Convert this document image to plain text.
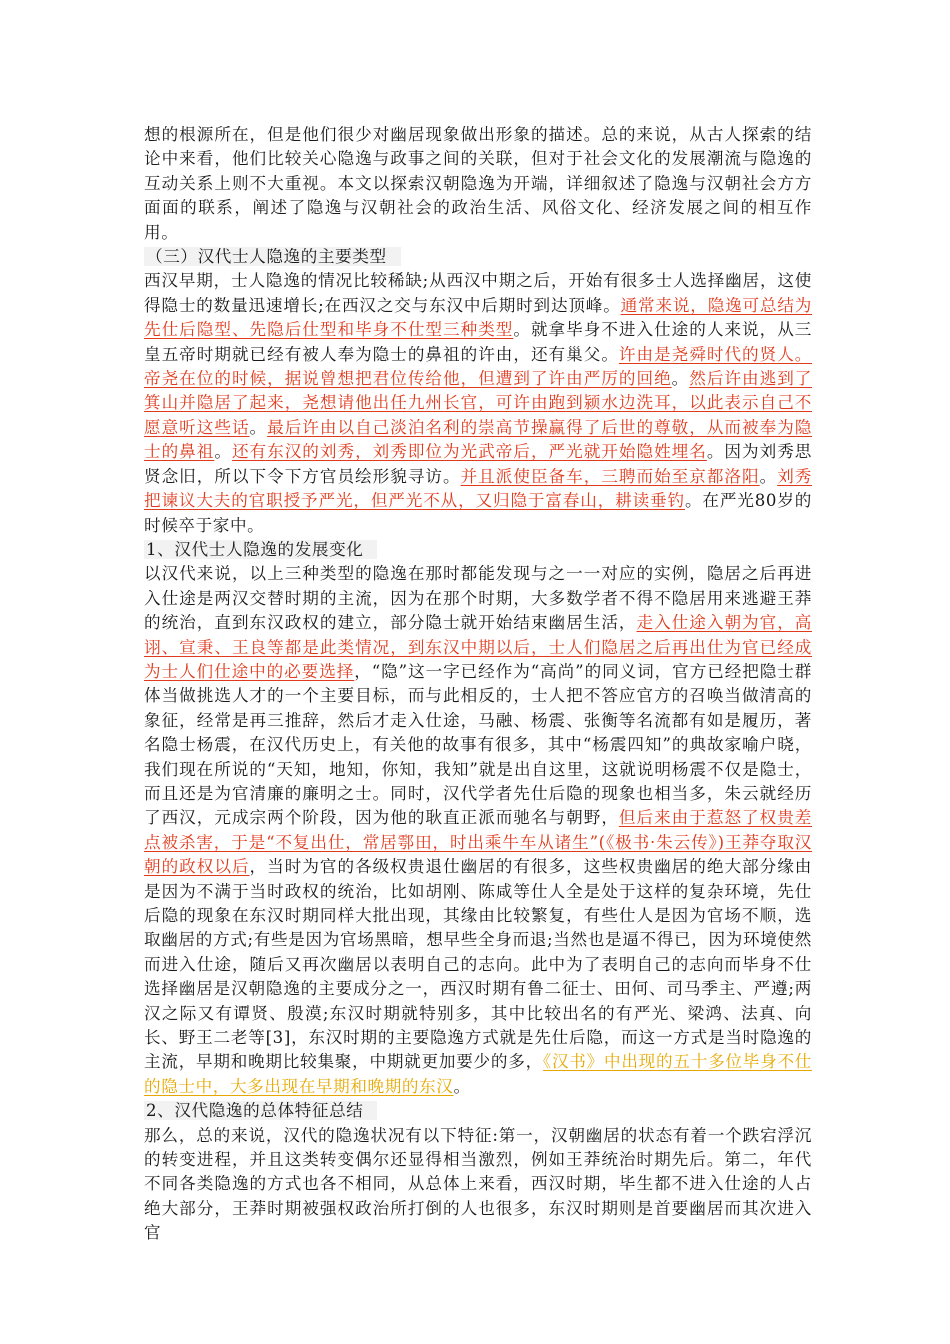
想的根源所在，但是他们很少对幽居现象做出形象的描述。总的来说，从古人探索的结论中来看，他们比较关心隐逸与政事之间的关联，但对于社会文化的发展潮流与隐逸的互动关系上则不大重视。本文以探索汉朝隐逸为开端，详细叙述了隐逸与汉朝社会方方面面的联系，阐述了隐逸与汉朝社会的政治生活、风俗文化、经济发展之间的相互作用。

（三）汉代士人隐逸的主要类型

西汉早期，士人隐逸的情况比较稀缺;从西汉中期之后，开始有很多士人选择幽居，这使得隐士的数量迅速增长;在西汉之交与东汉中后期时到达顶峰。通常来说，隐逸可总结为先仕后隐型、先隐后仕型和毕身不仕型三种类型。就拿毕身不进入仕途的人来说，从三皇五帝时期就已经有被人奉为隐士的鼻祖的许由，还有巢父。许由是尧舜时代的贤人。帝尧在位的时候，据说曾想把君位传给他，但遭到了许由严厉的回绝。然后许由逃到了箕山并隐居了起来，尧想请他出任九州长官，可许由跑到颍水边洗耳，以此表示自己不愿意听这些话。最后许由以自己淡泊名利的崇高节操赢得了后世的尊敬，从而被奉为隐士的鼻祖。还有东汉的刘秀，刘秀即位为光武帝后，严光就开始隐姓埋名。因为刘秀思贤念旧，所以下令下方官员绘形貌寻访。并且派使臣备车，三聘而始至京都洛阳。刘秀把谏议大夫的官职授予严光，但严光不从，又归隐于富春山，耕读垂钓。在严光80岁的时候卒于家中。

1、汉代士人隐逸的发展变化

以汉代来说，以上三种类型的隐逸在那时都能发现与之一一对应的实例，隐居之后再进入仕途是两汉交替时期的主流，因为在那个时期，大多数学者不得不隐居用来逃避王莽的统治，直到东汉政权的建立，部分隐士就开始结束幽居生活，走入仕途入朝为官，高诩、宣秉、王良等都是此类情况，到东汉中期以后，士人们隐居之后再出仕为官已经成为士人们仕途中的必要选择，“隐”这一字已经作为“高尚”的同义词，官方已经把隐士群体当做挑选人才的一个主要目标，而与此相反的，士人把不答应官方的召唤当做清高的象征，经常是再三推辞，然后才走入仕途，马融、杨震、张衡等名流都有如是履历，著名隐士杨震，在汉代历史上，有关他的故事有很多，其中“杨震四知”的典故家喻户晓，我们现在所说的“天知，地知，你知，我知”就是出自这里，这就说明杨震不仅是隐士，而且还是为官清廉的廉明之士。同时，汉代学者先仕后隐的现象也相当多，朱云就经历了西汉，元成宗两个阶段，因为他的耿直正派而驰名与朝野，但后来由于惹怒了权贵差点被杀害，于是“不复出仕，常居鄠田，时出乘牛车从诸生”(《极书·朱云传》)王莽夺取汉朝的政权以后，当时为官的各级权贵退仕幽居的有很多，这些权贵幽居的绝大部分缘由是因为不满于当时政权的统治，比如胡刚、陈咸等仕人全是处于这样的复杂环境，先仕后隐的现象在东汉时期同样大批出现，其缘由比较繁复，有些仕人是因为官场不顺，选取幽居的方式;有些是因为官场黑暗，想早些全身而退;当然也是逼不得已，因为环境使然而进入仕途，随后又再次幽居以表明自己的志向。此中为了表明自己的志向而毕身不仕选择幽居是汉朝隐逸的主要成分之一，西汉时期有鲁二征士、田何、司马季主、严遵;两汉之际又有谭贤、殷漠;东汉时期就特别多，其中比较出名的有严光、梁鸿、法真、向长、野王二老等[3]，东汉时期的主要隐逸方式就是先仕后隐，而这一方式是当时隐逸的主流，早期和晚期比较集聚，中期就更加要少的多，《汉书》中出现的五十多位毕身不仕的隐士中，大多出现在早期和晚期的东汉。

2、汉代隐逸的总体特征总结

那么，总的来说，汉代的隐逸状况有以下特征:第一，汉朝幽居的状态有着一个跌宕浮沉的转变进程，并且这类转变偶尔还显得相当激烈，例如王莽统治时期先后。第二，年代不同各类隐逸的方式也各不相同，从总体上来看，西汉时期，毕生都不进入仕途的人占绝大部分，王莽时期被强权政治所打倒的人也很多，东汉时期则是首要幽居而其次进入官
